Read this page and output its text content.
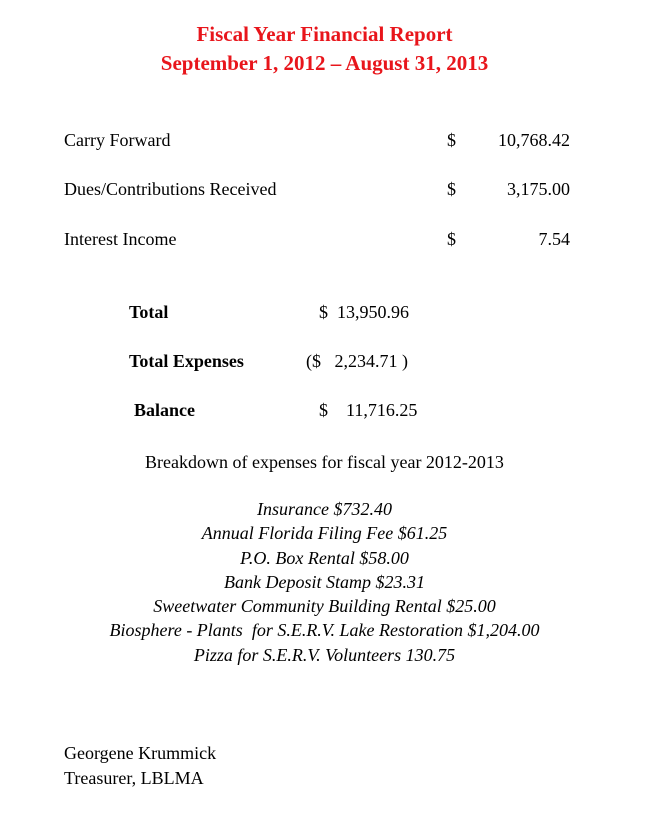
Fiscal Year Financial Report
September 1, 2012 – August 31, 2013
Carry Forward	$ 10,768.42
Dues/Contributions Received	$	3,175.00
Interest Income	$	7.54
Total	$  13,950.96
Total Expenses	($   2,234.71 )
Balance	$    11,716.25
Breakdown of expenses for fiscal year 2012-2013
Insurance $732.40
Annual Florida Filing Fee $61.25
P.O. Box Rental $58.00
Bank Deposit Stamp $23.31
Sweetwater Community Building Rental $25.00
Biosphere - Plants  for S.E.R.V. Lake Restoration $1,204.00
Pizza for S.E.R.V. Volunteers 130.75
Georgene Krummick
Treasurer, LBLMA
